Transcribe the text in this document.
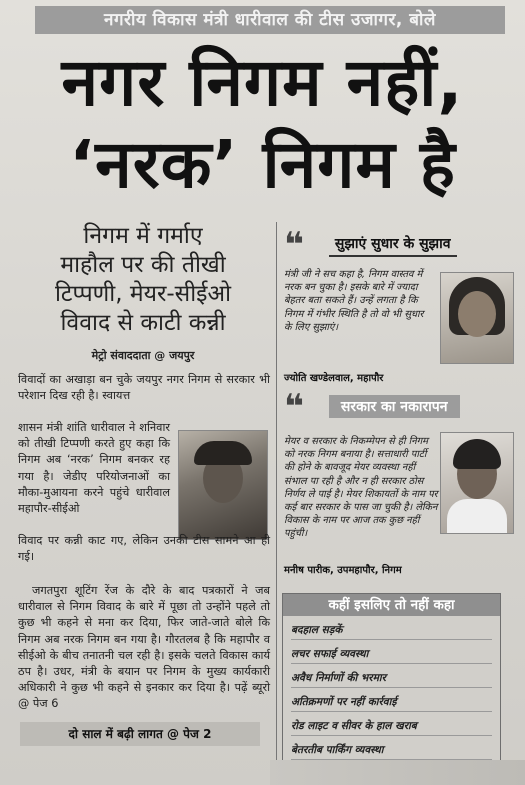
नगरीय विकास मंत्री धारीवाल की टीस उजागर, बोले
नगर निगम नहीं,
‘नरक’ निगम है
निगम में गर्माए
माहौल पर की तीखी
टिप्पणी, मेयर-सीईओ
विवाद से काटी कन्नी
मेट्रो संवाददाता @ जयपुर
विवादों का अखाड़ा बन चुके जयपुर नगर निगम से सरकार भी परेशान दिख रही है। स्वायत्त
शासन मंत्री शांति धारीवाल ने शनिवार को तीखी टिप्पणी करते हुए कहा कि निगम अब ‘नरक’ निगम बनकर रह गया है। जेडीए परियोजनाओं का मौका-मुआयना करने पहुंचे धारीवाल महापौर-सीईओ
विवाद पर कन्नी काट गए, लेकिन उनकी टीस सामने आ ही गई।
जगतपुरा शूटिंग रेंज के दौरे के बाद पत्रकारों ने जब धारीवाल से निगम विवाद के बारे में पूछा तो उन्होंने पहले तो कुछ भी कहने से मना कर दिया, फिर जाते-जाते बोले कि निगम अब नरक निगम बन गया है। गौरतलब है कि महापौर व सीईओ के बीच तनातनी चल रही है। इसके चलते विकास कार्य ठप है। उधर, मंत्री के बयान पर निगम के मुख्य कार्यकारी अधिकारी ने कुछ भी कहने से इनकार कर दिया है। पढ़ें ब्यूरो @ पेज 6
दो साल में बढ़ी लागत @ पेज 2
❝ सुझाएं सुधार के सुझाव
मंत्री जी ने सच कहा है, निगम वास्तव में नरक बन चुका है। इसके बारे में ज्यादा बेहतर बता सकते हैं। उन्हें लगता है कि निगम में गंभीर स्थिति है तो वो भी सुधार के लिए सुझाएं।
ज्योति खण्डेलवाल, महापौर
❝	सरकार का नकारापन
मेयर व सरकार के निकम्मेपन से ही निगम को नरक निगम बनाया है। सत्ताधारी पार्टी की होने के बावजूद मेयर व्यवस्था नहीं संभाल पा रही है और न ही सरकार ठोस निर्णय ले पाई है। मेयर शिकायतों के नाम पर कई बार सरकार के पास जा चुकी है। लेकिन विकास के नाम पर आज तक कुछ नहीं पहुंची।
मनीष पारीक, उपमहापौर, निगम
कहीं इसलिए तो नहीं कहा
बदहाल सड़कें
लचर सफाई व्यवस्था
अवैध निर्माणों की भरमार
अतिक्रमणों पर नहीं कार्रवाई
रोड लाइट व सीवर के हाल खराब
बेतरतीब पार्किंग व्यवस्था
